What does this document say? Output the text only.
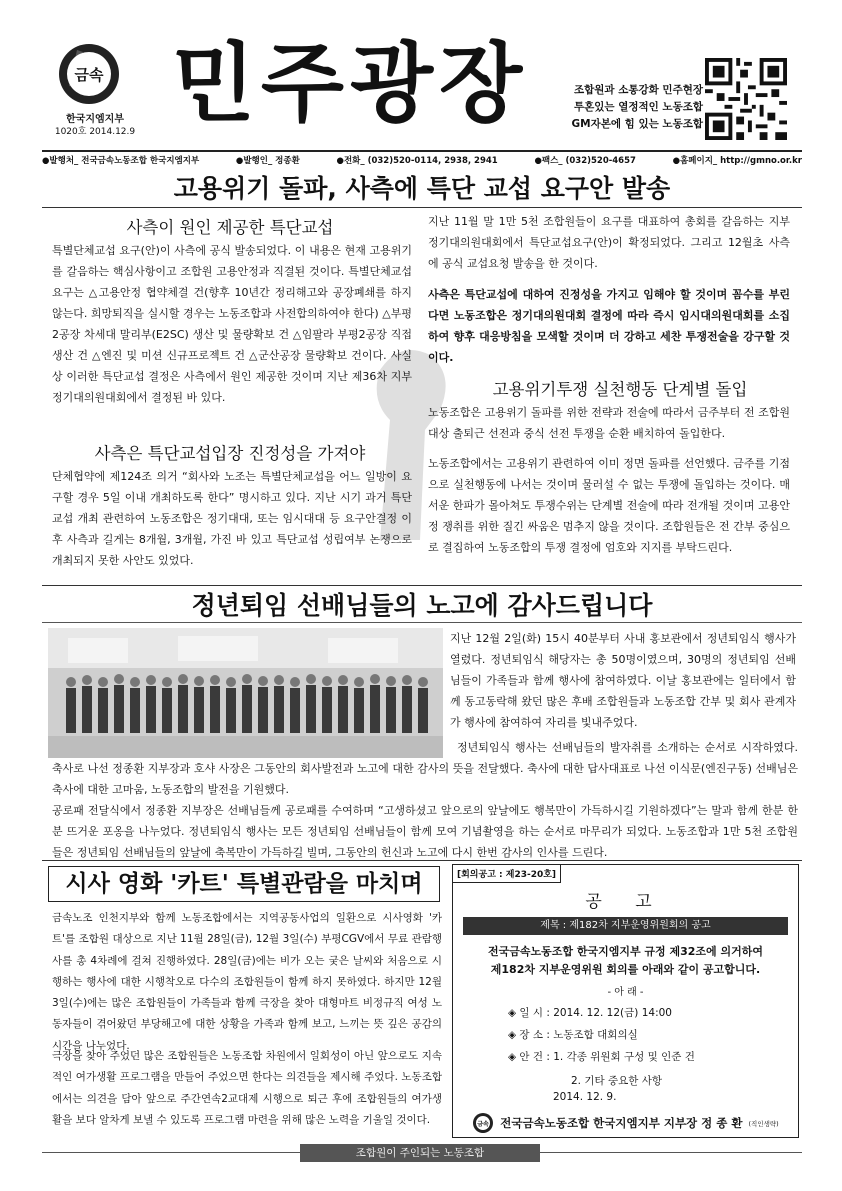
금속
한국지엠지부
1020호 2014.12.9 민주광장	조합원과 소통강화 민주현장
투혼있는 열정적인 노동조합
GM자본에 힘 있는 노동조합
●발행처_ 전국금속노동조합 한국지엠지부	●발행인_ 정종환	●전화_ (032)520-0114, 2938, 2941	●팩스_ (032)520-4657	●홈페이지_ http://gmno.or.kr
고용위기 돌파, 사측에 특단 교섭 요구안 발송
사측이 원인 제공한 특단교섭
특별단체교섭 요구(안)이 사측에 공식 발송되었다. 이 내용은 현재 고용위기를 갈음하는 핵심사항이고 조합원 고용안정과 직결된 것이다. 특별단체교섭 요구는 △고용안정 협약체결 건(향후 10년간 정리해고와 공장폐쇄를 하지 않는다. 희망퇴직을 실시할 경우는 노동조합과 사전합의하여야 한다) △부평2공장 차세대 말리부(E2SC) 생산 및 물량확보 건 △임팔라 부평2공장 직접 생산 건 △엔진 및 미션 신규프로젝트 건 △군산공장 물량확보 건이다. 사실상 이러한 특단교섭 결정은 사측에서 원인 제공한 것이며 지난 제36차 지부 정기대의원대회에서 결정된 바 있다.
사측은 특단교섭입장 진정성을 가져야
단체협약에 제124조 의거 “회사와 노조는 특별단체교섭을 어느 일방이 요구할 경우 5일 이내 개최하도록 한다” 명시하고 있다. 지난 시기 과거 특단교섭 개최 관련하여 노동조합은 정기대대, 또는 임시대대 등 요구안결정 이후 사측과 길게는 8개월, 3개월, 가진 바 있고 특단교섭 성립여부 논쟁으로 개최되지 못한 사안도 있었다.
지난 11월 말 1만 5천 조합원들이 요구를 대표하여 총회를 갈음하는 지부 정기대의원대회에서 특단교섭요구(안)이 확정되었다. 그리고 12월초 사측에 공식 교섭요청 발송을 한 것이다.
사측은 특단교섭에 대하여 진정성을 가지고 임해야 할 것이며 꼼수를 부린다면 노동조합은 정기대의원대회 결정에 따라 즉시 임시대의원대회를 소집하여 향후 대응방침을 모색할 것이며 더 강하고 세찬 투쟁전술을 강구할 것이다.
고용위기투쟁 실천행동 단계별 돌입
노동조합은 고용위기 돌파를 위한 전략과 전술에 따라서 금주부터 전 조합원 대상 출퇴근 선전과 중식 선전 투쟁을 순환 배치하여 돌입한다.
노동조합에서는 고용위기 관련하여 이미 정면 돌파를 선언했다. 금주를 기점으로 실천행동에 나서는 것이며 물러설 수 없는 투쟁에 돌입하는 것이다. 매서운 한파가 몰아쳐도 투쟁수위는 단계별 전술에 따라 전개될 것이며 고용안정 쟁취를 위한 질긴 싸움은 멈추지 않을 것이다. 조합원들은 전 간부 중심으로 결집하여 노동조합의 투쟁 결정에 엄호와 지지를 부탁드린다.
정년퇴임 선배님들의 노고에 감사드립니다
지난 12월 2일(화) 15시 40분부터 사내 홍보관에서 정년퇴임식 행사가 열렸다. 정년퇴임식 해당자는 총 50명이였으며, 30명의 정년퇴임 선배님들이 가족들과 함께 행사에 참여하였다. 이날 홍보관에는 일터에서 함께 동고동락해 왔던 많은 후배 조합원들과 노동조합 간부 및 회사 관계자가 행사에 참여하여 자리를 빛내주었다.
정년퇴임식 행사는 선배님들의 발자취를 소개하는 순서로 시작하였다. 축사로 나선 정종환 지부장과 호샤 사장은 그동안의 회사발전과 노고에 대한 감사의 뜻을 전달했다. 축사에 대한 답사대표로 나선 이식문(엔진구동) 선배님은 축사에 대한 고마움, 노동조합의 발전을 기원했다.
공로패 전달식에서 정종환 지부장은 선배님들께 공로패를 수여하며 “고생하셨고 앞으로의 앞날에도 행복만이 가득하시길 기원하겠다”는 말과 함께 한분 한분 뜨거운 포옹을 나누었다. 정년퇴임식 행사는 모든 정년퇴임 선배님들이 함께 모여 기념촬영을 하는 순서로 마무리가 되었다. 노동조합과 1만 5천 조합원들은 정년퇴임 선배님들의 앞날에 축복만이 가득하길 빌며, 그동안의 헌신과 노고에 다시 한번 감사의 인사를 드린다.
시사 영화 '카트' 특별관람을 마치며
금속노조 인천지부와 함께 노동조합에서는 지역공동사업의 일환으로 시사영화 '카트'를 조합원 대상으로 지난 11월 28일(금), 12월 3일(수) 부평CGV에서 무료 관람행사를 총 4차례에 걸쳐 진행하였다. 28일(금)에는 비가 오는 궂은 날씨와 처음으로 시행하는 행사에 대한 시행착오로 다수의 조합원들이 함께 하지 못하였다. 하지만 12월 3일(수)에는 많은 조합원들이 가족들과 함께 극장을 찾아 대형마트 비정규직 여성 노동자들이 겪어왔던 부당해고에 대한 상황을 가족과 함께 보고, 느끼는 뜻 깊은 공감의 시간을 나누었다.
극장을 찾아 주었던 많은 조합원들은 노동조합 차원에서 일회성이 아닌 앞으로도 지속적인 여가생활 프로그램을 만들어 주었으면 한다는 의견들을 제시해 주었다. 노동조합에서는 의견을 담아 앞으로 주간연속2교대제 시행으로 퇴근 후에 조합원들의 여가생활을 보다 알차게 보낼 수 있도록 프로그램 마련을 위해 많은 노력을 기울일 것이다.
[회의공고 : 제23-20호]
공 고
제목 : 제182차 지부운영위원회의 공고
전국금속노동조합 한국지엠지부 규정 제32조에 의거하여
제182차 지부운영위원 회의를 아래와 같이 공고합니다.
- 아 래 -
◈ 일 시 : 2014. 12. 12(금) 14:00
◈ 장 소 : 노동조합 대회의실
◈ 안 건 : 1. 각종 위원회 구성 및 인준 건
2. 기타 중요한 사항
2014. 12. 9.
금속 전국금속노동조합 한국지엠지부 지부장 정 종 환 (직인생략)
조합원이 주인되는 노동조합
